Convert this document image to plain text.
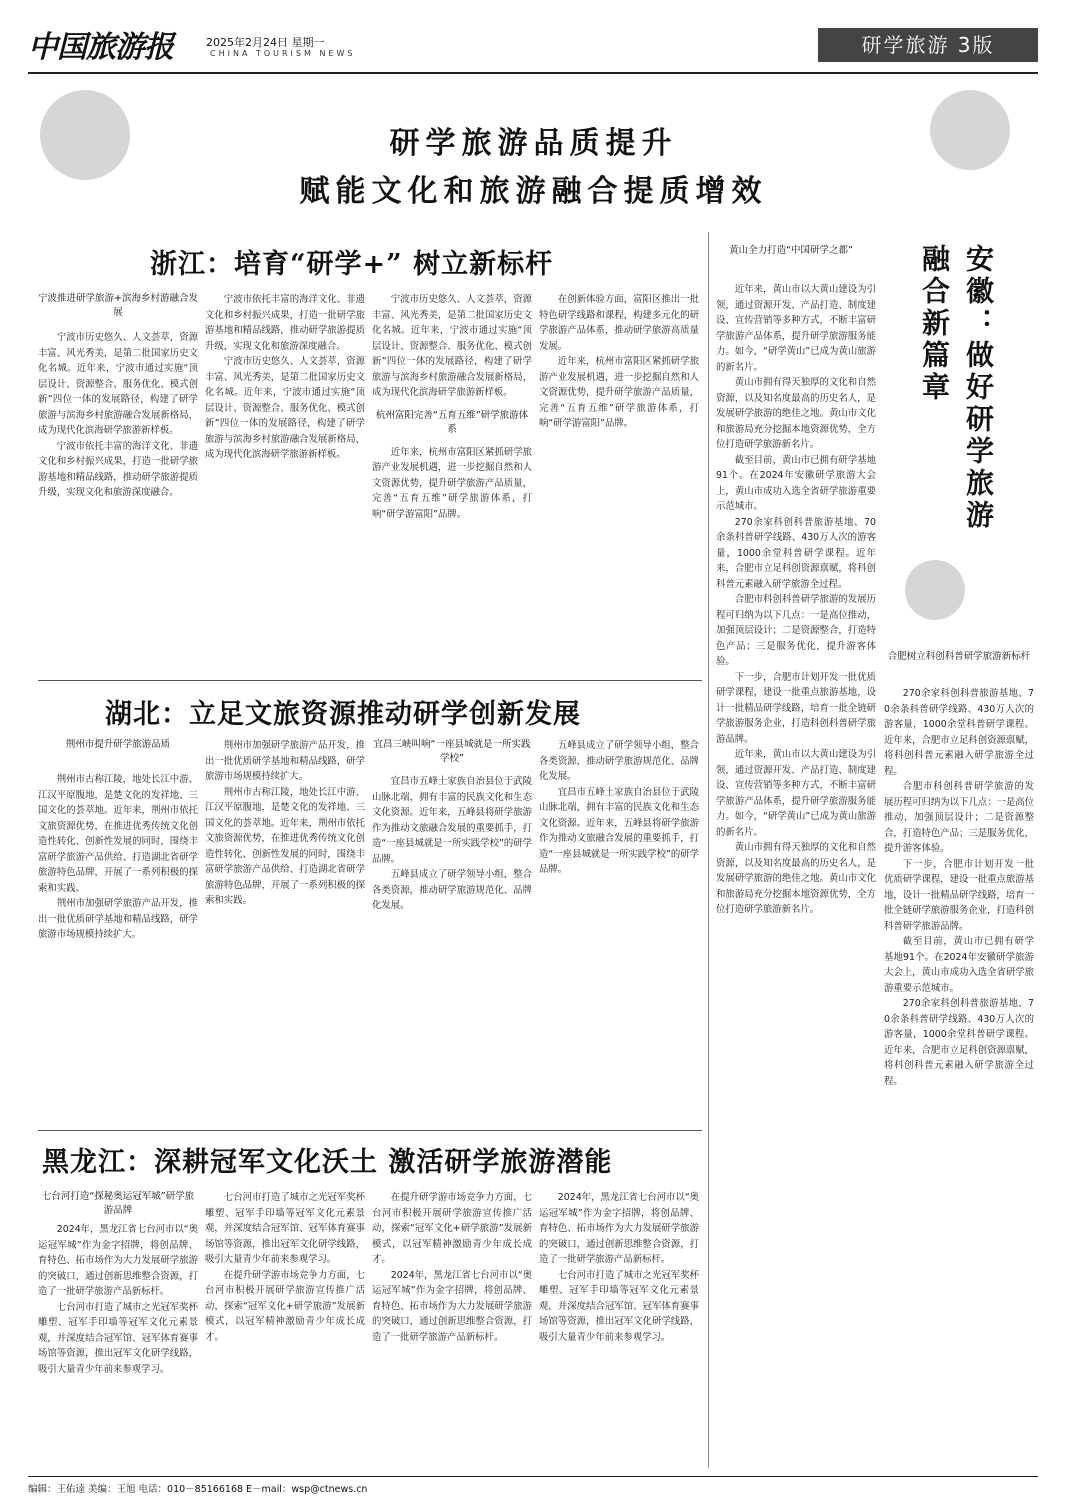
中国旅游报	2025年2月24日 星期一
CHINA TOURISM NEWS	研学旅游 3版
研学旅游品质提升
赋能文化和旅游融合提质增效
浙江：培育“研学+” 树立新标杆
宁波推进研学旅游+滨海乡村游融合发展

宁波市历史悠久、人文荟萃，资源丰富、风光秀美，是第二批国家历史文化名城。近年来，宁波市通过实施“顶层设计、资源整合、服务优化、模式创新”四位一体的发展路径，构建了研学旅游与滨海乡村旅游融合发展新格局，成为现代化滨海研学旅游新样板。

宁波市依托丰富的海洋文化、非遗文化和乡村振兴成果，打造一批研学旅游基地和精品线路，推动研学旅游提质升级，实现文化和旅游深度融合。

宁波市依托丰富的海洋文化、非遗文化和乡村振兴成果，打造一批研学旅游基地和精品线路，推动研学旅游提质升级，实现文化和旅游深度融合。

宁波市历史悠久、人文荟萃，资源丰富、风光秀美，是第二批国家历史文化名城。近年来，宁波市通过实施“顶层设计、资源整合、服务优化、模式创新”四位一体的发展路径，构建了研学旅游与滨海乡村旅游融合发展新格局，成为现代化滨海研学旅游新样板。

宁波市历史悠久、人文荟萃，资源丰富、风光秀美，是第二批国家历史文化名城。近年来，宁波市通过实施“顶层设计、资源整合、服务优化、模式创新”四位一体的发展路径，构建了研学旅游与滨海乡村旅游融合发展新格局，成为现代化滨海研学旅游新样板。

杭州富阳完善“五育五维”研学旅游体系

近年来，杭州市富阳区紧抓研学旅游产业发展机遇，进一步挖掘自然和人文资源优势，提升研学旅游产品质量，完善“五育五维”研学旅游体系，打响“研学游富阳”品牌。

在创新体验方面，富阳区推出一批特色研学线路和课程，构建多元化的研学旅游产品体系，推动研学旅游高质量发展。

近年来，杭州市富阳区紧抓研学旅游产业发展机遇，进一步挖掘自然和人文资源优势，提升研学旅游产品质量，完善“五育五维”研学旅游体系，打响“研学游富阳”品牌。

湖北：立足文旅资源推动研学创新发展
荆州市提升研学旅游品质

荆州市古称江陵，地处长江中游、江汉平原腹地，是楚文化的发祥地、三国文化的荟萃地。近年来，荆州市依托文旅资源优势，在推进优秀传统文化创造性转化、创新性发展的同时，围绕丰富研学旅游产品供给、打造湖北省研学旅游特色品牌，开展了一系列积极的探索和实践。

荆州市加强研学旅游产品开发，推出一批优质研学基地和精品线路，研学旅游市场规模持续扩大。

荆州市加强研学旅游产品开发，推出一批优质研学基地和精品线路，研学旅游市场规模持续扩大。

荆州市古称江陵，地处长江中游、江汉平原腹地，是楚文化的发祥地、三国文化的荟萃地。近年来，荆州市依托文旅资源优势，在推进优秀传统文化创造性转化、创新性发展的同时，围绕丰富研学旅游产品供给、打造湖北省研学旅游特色品牌，开展了一系列积极的探索和实践。

宜昌三峡叫响“一座县城就是一所实践学校”

宜昌市五峰土家族自治县位于武陵山脉北端，拥有丰富的民族文化和生态文化资源。近年来，五峰县将研学旅游作为推动文旅融合发展的重要抓手，打造“一座县城就是一所实践学校”的研学品牌。

五峰县成立了研学领导小组，整合各类资源，推动研学旅游规范化、品牌化发展。

五峰县成立了研学领导小组，整合各类资源，推动研学旅游规范化、品牌化发展。

宜昌市五峰土家族自治县位于武陵山脉北端，拥有丰富的民族文化和生态文化资源。近年来，五峰县将研学旅游作为推动文旅融合发展的重要抓手，打造“一座县城就是一所实践学校”的研学品牌。

黑龙江：深耕冠军文化沃土 激活研学旅游潜能
七台河打造“探秘奥运冠军城”研学旅游品牌

2024年，黑龙江省七台河市以“奥运冠军城”作为金字招牌，将创品牌、育特色、拓市场作为大力发展研学旅游的突破口，通过创新思维整合资源，打造了一批研学旅游产品新标杆。

七台河市打造了城市之光冠军奖杯雕塑、冠军手印墙等冠军文化元素景观，并深度结合冠军馆、冠军体育赛事场馆等资源，推出冠军文化研学线路，吸引大量青少年前来参观学习。

七台河市打造了城市之光冠军奖杯雕塑、冠军手印墙等冠军文化元素景观，并深度结合冠军馆、冠军体育赛事场馆等资源，推出冠军文化研学线路，吸引大量青少年前来参观学习。

在提升研学游市场竞争力方面，七台河市积极开展研学旅游宣传推广活动，探索“冠军文化+研学旅游”发展新模式，以冠军精神激励青少年成长成才。

在提升研学游市场竞争力方面，七台河市积极开展研学旅游宣传推广活动，探索“冠军文化+研学旅游”发展新模式，以冠军精神激励青少年成长成才。

2024年，黑龙江省七台河市以“奥运冠军城”作为金字招牌，将创品牌、育特色、拓市场作为大力发展研学旅游的突破口，通过创新思维整合资源，打造了一批研学旅游产品新标杆。

2024年，黑龙江省七台河市以“奥运冠军城”作为金字招牌，将创品牌、育特色、拓市场作为大力发展研学旅游的突破口，通过创新思维整合资源，打造了一批研学旅游产品新标杆。

七台河市打造了城市之光冠军奖杯雕塑、冠军手印墙等冠军文化元素景观，并深度结合冠军馆、冠军体育赛事场馆等资源，推出冠军文化研学线路，吸引大量青少年前来参观学习。

黄山全力打造“中国研学之都”

近年来，黄山市以大黄山建设为引领，通过资源开发、产品打造、制度建设、宣传营销等多种方式，不断丰富研学旅游产品体系，提升研学旅游服务能力。如今，“研学黄山”已成为黄山旅游的新名片。

黄山市拥有得天独厚的文化和自然资源，以及知名度最高的历史名人，是发展研学旅游的绝佳之地。黄山市文化和旅游局充分挖掘本地资源优势，全方位打造研学旅游新名片。

截至目前，黄山市已拥有研学基地91个。在2024年安徽研学旅游大会上，黄山市成功入选全省研学旅游重要示范城市。

270余家科创科普旅游基地、70余条科普研学线路、430万人次的游客量，1000余堂科普研学课程。近年来，合肥市立足科创资源禀赋，将科创科普元素融入研学旅游全过程。

合肥市科创科普研学旅游的发展历程可归纳为以下几点：一是高位推动，加强顶层设计；二是资源整合，打造特色产品；三是服务优化，提升游客体验。

下一步，合肥市计划开发一批优质研学课程，建设一批重点旅游基地，设计一批精品研学线路，培育一批全链研学旅游服务企业，打造科创科普研学旅游品牌。

近年来，黄山市以大黄山建设为引领，通过资源开发、产品打造、制度建设、宣传营销等多种方式，不断丰富研学旅游产品体系，提升研学旅游服务能力。如今，“研学黄山”已成为黄山旅游的新名片。

黄山市拥有得天独厚的文化和自然资源，以及知名度最高的历史名人，是发展研学旅游的绝佳之地。黄山市文化和旅游局充分挖掘本地资源优势，全方位打造研学旅游新名片。

安徽：做好研学旅游融合新篇章
合肥树立科创科普研学旅游新标杆

270余家科创科普旅游基地、70余条科普研学线路、430万人次的游客量，1000余堂科普研学课程。近年来，合肥市立足科创资源禀赋，将科创科普元素融入研学旅游全过程。

合肥市科创科普研学旅游的发展历程可归纳为以下几点：一是高位推动，加强顶层设计；二是资源整合，打造特色产品；三是服务优化，提升游客体验。

下一步，合肥市计划开发一批优质研学课程，建设一批重点旅游基地，设计一批精品研学线路，培育一批全链研学旅游服务企业，打造科创科普研学旅游品牌。

截至目前，黄山市已拥有研学基地91个。在2024年安徽研学旅游大会上，黄山市成功入选全省研学旅游重要示范城市。

270余家科创科普旅游基地、70余条科普研学线路、430万人次的游客量，1000余堂科普研学课程。近年来，合肥市立足科创资源禀赋，将科创科普元素融入研学旅游全过程。

编辑：王佑逵 美编：王旭 电话：010－85166168 E－mail：wsp@ctnews.cn
